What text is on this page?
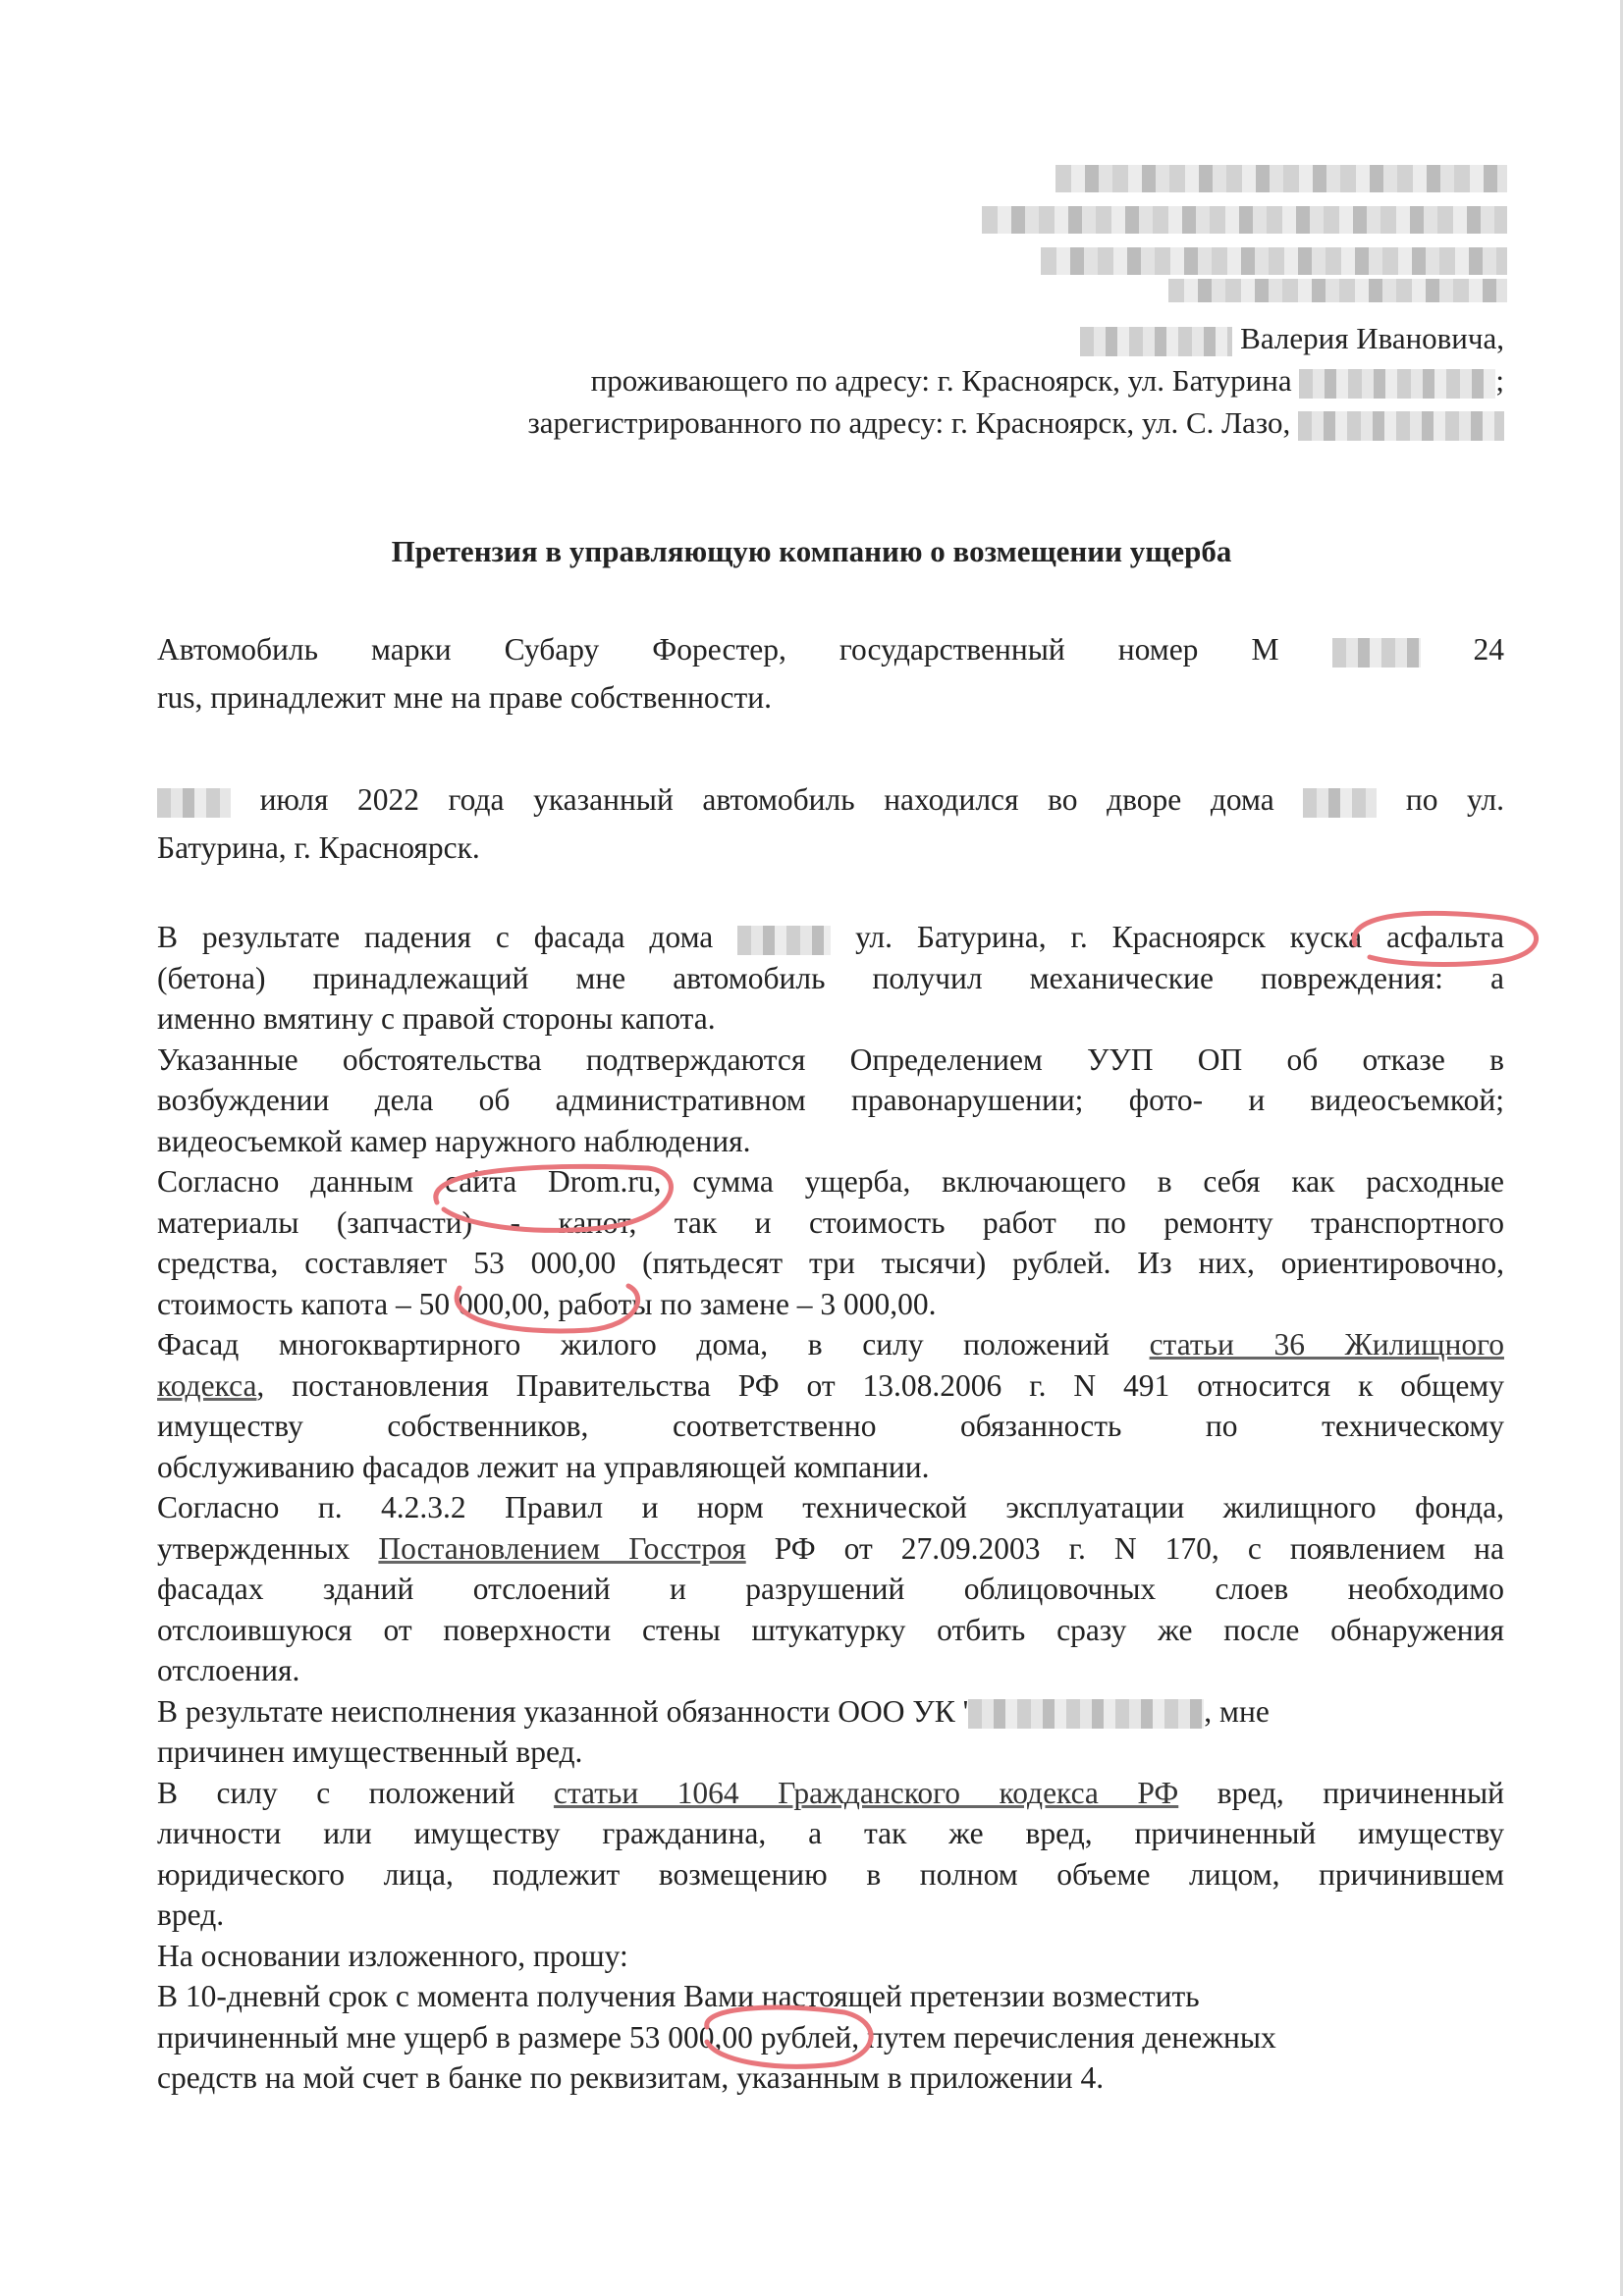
Валерия Ивановича,
проживающего по адресу: г. Красноярск, ул. Батурина	;
зарегистрированного по адресу: г. Красноярск, ул. С. Лазо,
Претензия в управляющую компанию о возмещении ущерба
Автомобиль марки Субару Форестер, государственный номер М	24
rus, принадлежит мне на праве собственности.
июля 2022 года указанный автомобиль находился во дворе дома	по ул.
Батурина, г. Красноярск.
В результате падения с фасада дома	ул. Батурина, г. Красноярск куска асфальта
(бетона) принадлежащий мне автомобиль получил механические повреждения: а
именно вмятину с правой стороны капота.
Указанные обстоятельства подтверждаются Определением УУП ОП об отказе в
возбуждении дела об административном правонарушении; фото- и видеосъемкой;
видеосъемкой камер наружного наблюдения.
Согласно данным сайта Drom.ru, сумма ущерба, включающего в себя как расходные
материалы (запчасти) - капот, так и стоимость работ по ремонту транспортного
средства, составляет 53 000,00 (пятьдесят три тысячи) рублей. Из них, ориентировочно,
стоимость капота – 50 000,00, работы по замене – 3 000,00.
Фасад многоквартирного жилого дома, в силу положений статьи 36 Жилищного
кодекса, постановления Правительства РФ от 13.08.2006 г. N 491 относится к общему
имуществу собственников, соответственно обязанность по техническому
обслуживанию фасадов лежит на управляющей компании.
Согласно п. 4.2.3.2 Правил и норм технической эксплуатации жилищного фонда,
утвержденных Постановлением Госстроя РФ от 27.09.2003 г. N 170, с появлением на
фасадах зданий отслоений и разрушений облицовочных слоев необходимо
отслоившуюся от поверхности стены штукатурку отбить сразу же после обнаружения
отслоения.
В результате неисполнения указанной обязанности ООО УК '	, мне
причинен имущественный вред.
В силу с положений статьи 1064 Гражданского кодекса РФ вред, причиненный
личности или имуществу гражданина, а так же вред, причиненный имуществу
юридического лица, подлежит возмещению в полном объеме лицом, причинившем
вред.
На основании изложенного, прошу:
В 10-дневнй срок с момента получения Вами настоящей претензии возместить
причиненный мне ущерб в размере 53 000,00 рублей, путем перечисления денежных
средств на мой счет в банке по реквизитам, указанным в приложении 4.
